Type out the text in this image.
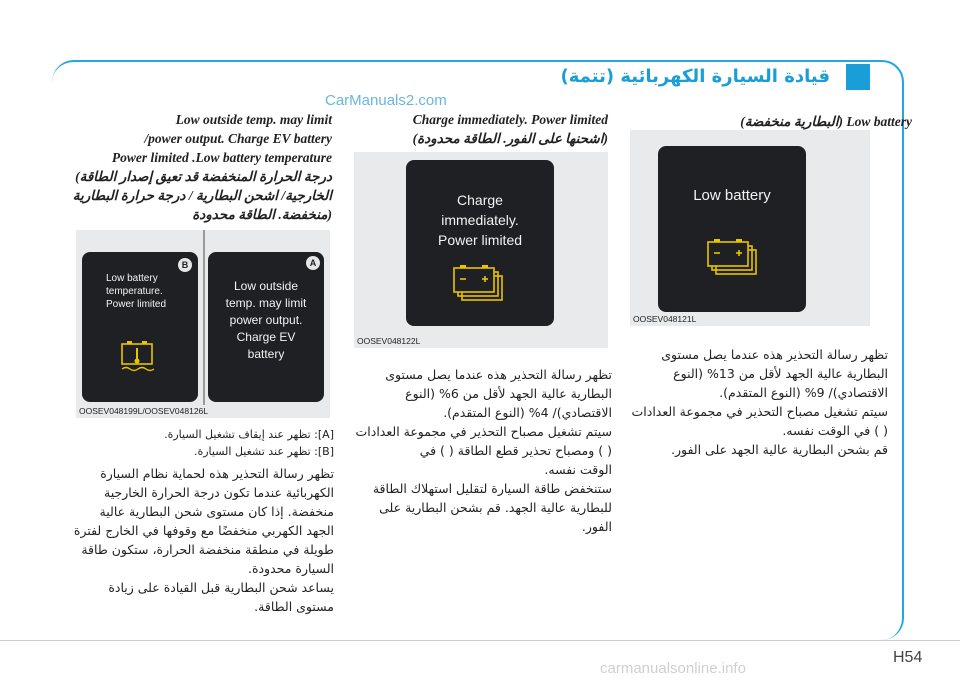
قيادة السيارة الكهربائية (تتمة)
CarManuals2.com
(البطارية منخفضة) Low battery
Low battery
OOSEV048121L

تظهر رسالة التحذير هذه عندما يصل مستوى

البطارية عالية الجهد لأقل من 13% (النوع

الاقتصادي)/ 9% (النوع المتقدم).

سيتم تشغيل مصباح التحذير في مجموعة العدادات

( ) في الوقت نفسه.

قم بشحن البطارية عالية الجهد على الفور.

Charge immediately. Power limited
(اشحنها على الفور. الطاقة محدودة)
Charge
immediately.
Power limited
OOSEV048122L

تظهر رسالة التحذير هذه عندما يصل مستوى

البطارية عالية الجهد لأقل من 6% (النوع

الاقتصادي)/ 4% (النوع المتقدم).

سيتم تشغيل مصباح التحذير في مجموعة العدادات

( ) ومصباح تحذير قطع الطاقة ( ) في

الوقت نفسه.

ستنخفض طاقة السيارة لتقليل استهلاك الطاقة

للبطارية عالية الجهد. قم بشحن البطارية على

الفور.

Low outside temp. may limit
/power output. Charge EV battery
Power limited .Low battery temperature
(درجة الحرارة المنخفضة قد تعيق إصدار الطاقة
الخارجية/ اشحن البطارية / درجة حرارة البطارية
منخفضة. الطاقة محدودة)
Low battery
temperature.
Power limited
B
Low outside
temp. may limit
power output.
Charge EV
battery
A
OOSEV048199L/OOSEV048126L

[A]: تظهر عند إيقاف تشغيل السيارة.

[B]: تظهر عند تشغيل السيارة.

تظهر رسالة التحذير هذه لحماية نظام السيارة

الكهربائية عندما تكون درجة الحرارة الخارجية

منخفضة. إذا كان مستوى شحن البطارية عالية

الجهد الكهربي منخفضًا مع وقوفها في الخارج لفترة

طويلة في منطقة منخفضة الحرارة، ستكون طاقة

السيارة محدودة.

يساعد شحن البطارية قبل القيادة على زيادة

مستوى الطاقة.

H54
carmanualsonline.info
